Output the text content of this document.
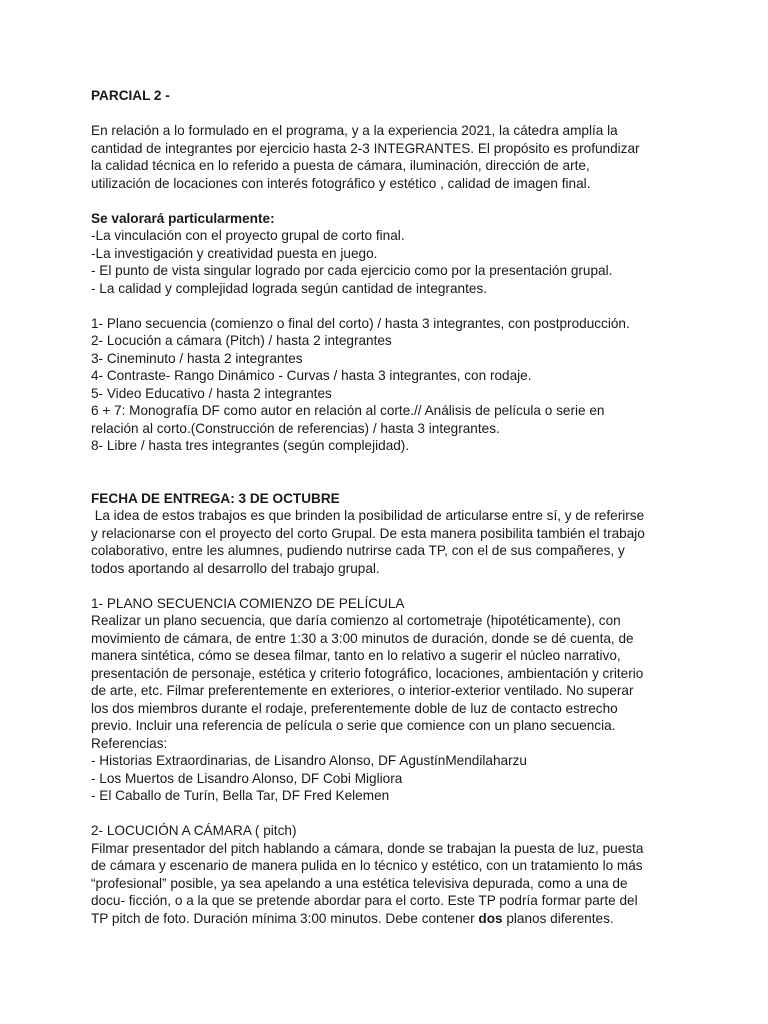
PARCIAL 2 -
En relación a lo formulado en el programa, y a la experiencia 2021, la cátedra amplía la
cantidad de integrantes por ejercicio hasta 2-3 INTEGRANTES. El propósito es profundizar
la calidad técnica en lo referido a puesta de cámara, iluminación, dirección de arte,
utilización de locaciones con interés fotográfico y estético , calidad de imagen final.
Se valorará particularmente:
-La vinculación con el proyecto grupal de corto final.
-La investigación y creatividad puesta en juego.
- El punto de vista singular logrado por cada ejercicio como por la presentación grupal.
- La calidad y complejidad lograda según cantidad de integrantes.
1- Plano secuencia (comienzo o final del corto) / hasta 3 integrantes, con postproducción.
2- Locución a cámara (Pitch) / hasta 2 integrantes
3- Cineminuto / hasta 2 integrantes
4- Contraste- Rango Dinámico - Curvas / hasta 3 integrantes, con rodaje.
5- Video Educativo / hasta 2 integrantes
6 + 7: Monografía DF como autor en relación al corte.// Análisis de película o serie en
relación al corto.(Construcción de referencias) / hasta 3 integrantes.
8- Libre / hasta tres integrantes (según complejidad).
FECHA DE ENTREGA: 3 DE OCTUBRE
La idea de estos trabajos es que brinden la posibilidad de articularse entre sí, y de referirse
y relacionarse con el proyecto del corto Grupal. De esta manera posibilita también el trabajo
colaborativo, entre les alumnes, pudiendo nutrirse cada TP, con el de sus compañeres, y
todos aportando al desarrollo del trabajo grupal.
1- PLANO SECUENCIA COMIENZO DE PELÍCULA
Realizar un plano secuencia, que daría comienzo al cortometraje (hipotéticamente), con
movimiento de cámara, de entre 1:30 a 3:00 minutos de duración, donde se dé cuenta, de
manera sintética, cómo se desea filmar, tanto en lo relativo a sugerir el núcleo narrativo,
presentación de personaje, estética y criterio fotográfico, locaciones, ambientación y criterio
de arte, etc. Filmar preferentemente en exteriores, o interior-exterior ventilado. No superar
los dos miembros durante el rodaje, preferentemente doble de luz de contacto estrecho
previo. Incluir una referencia de película o serie que comience con un plano secuencia.
Referencias:
- Historias Extraordinarias, de Lisandro Alonso, DF AgustínMendilaharzu
- Los Muertos de Lisandro Alonso, DF Cobi Migliora
- El Caballo de Turín, Bella Tar, DF Fred Kelemen
2- LOCUCIÓN A CÁMARA ( pitch)
Filmar presentador del pitch hablando a cámara, donde se trabajan la puesta de luz, puesta
de cámara y escenario de manera pulida en lo técnico y estético, con un tratamiento lo más
“profesional” posible, ya sea apelando a una estética televisiva depurada, como a una de
docu- ficción, o a la que se pretende abordar para el corto. Este TP podría formar parte del
TP pitch de foto. Duración mínima 3:00 minutos. Debe contener dos planos diferentes.
